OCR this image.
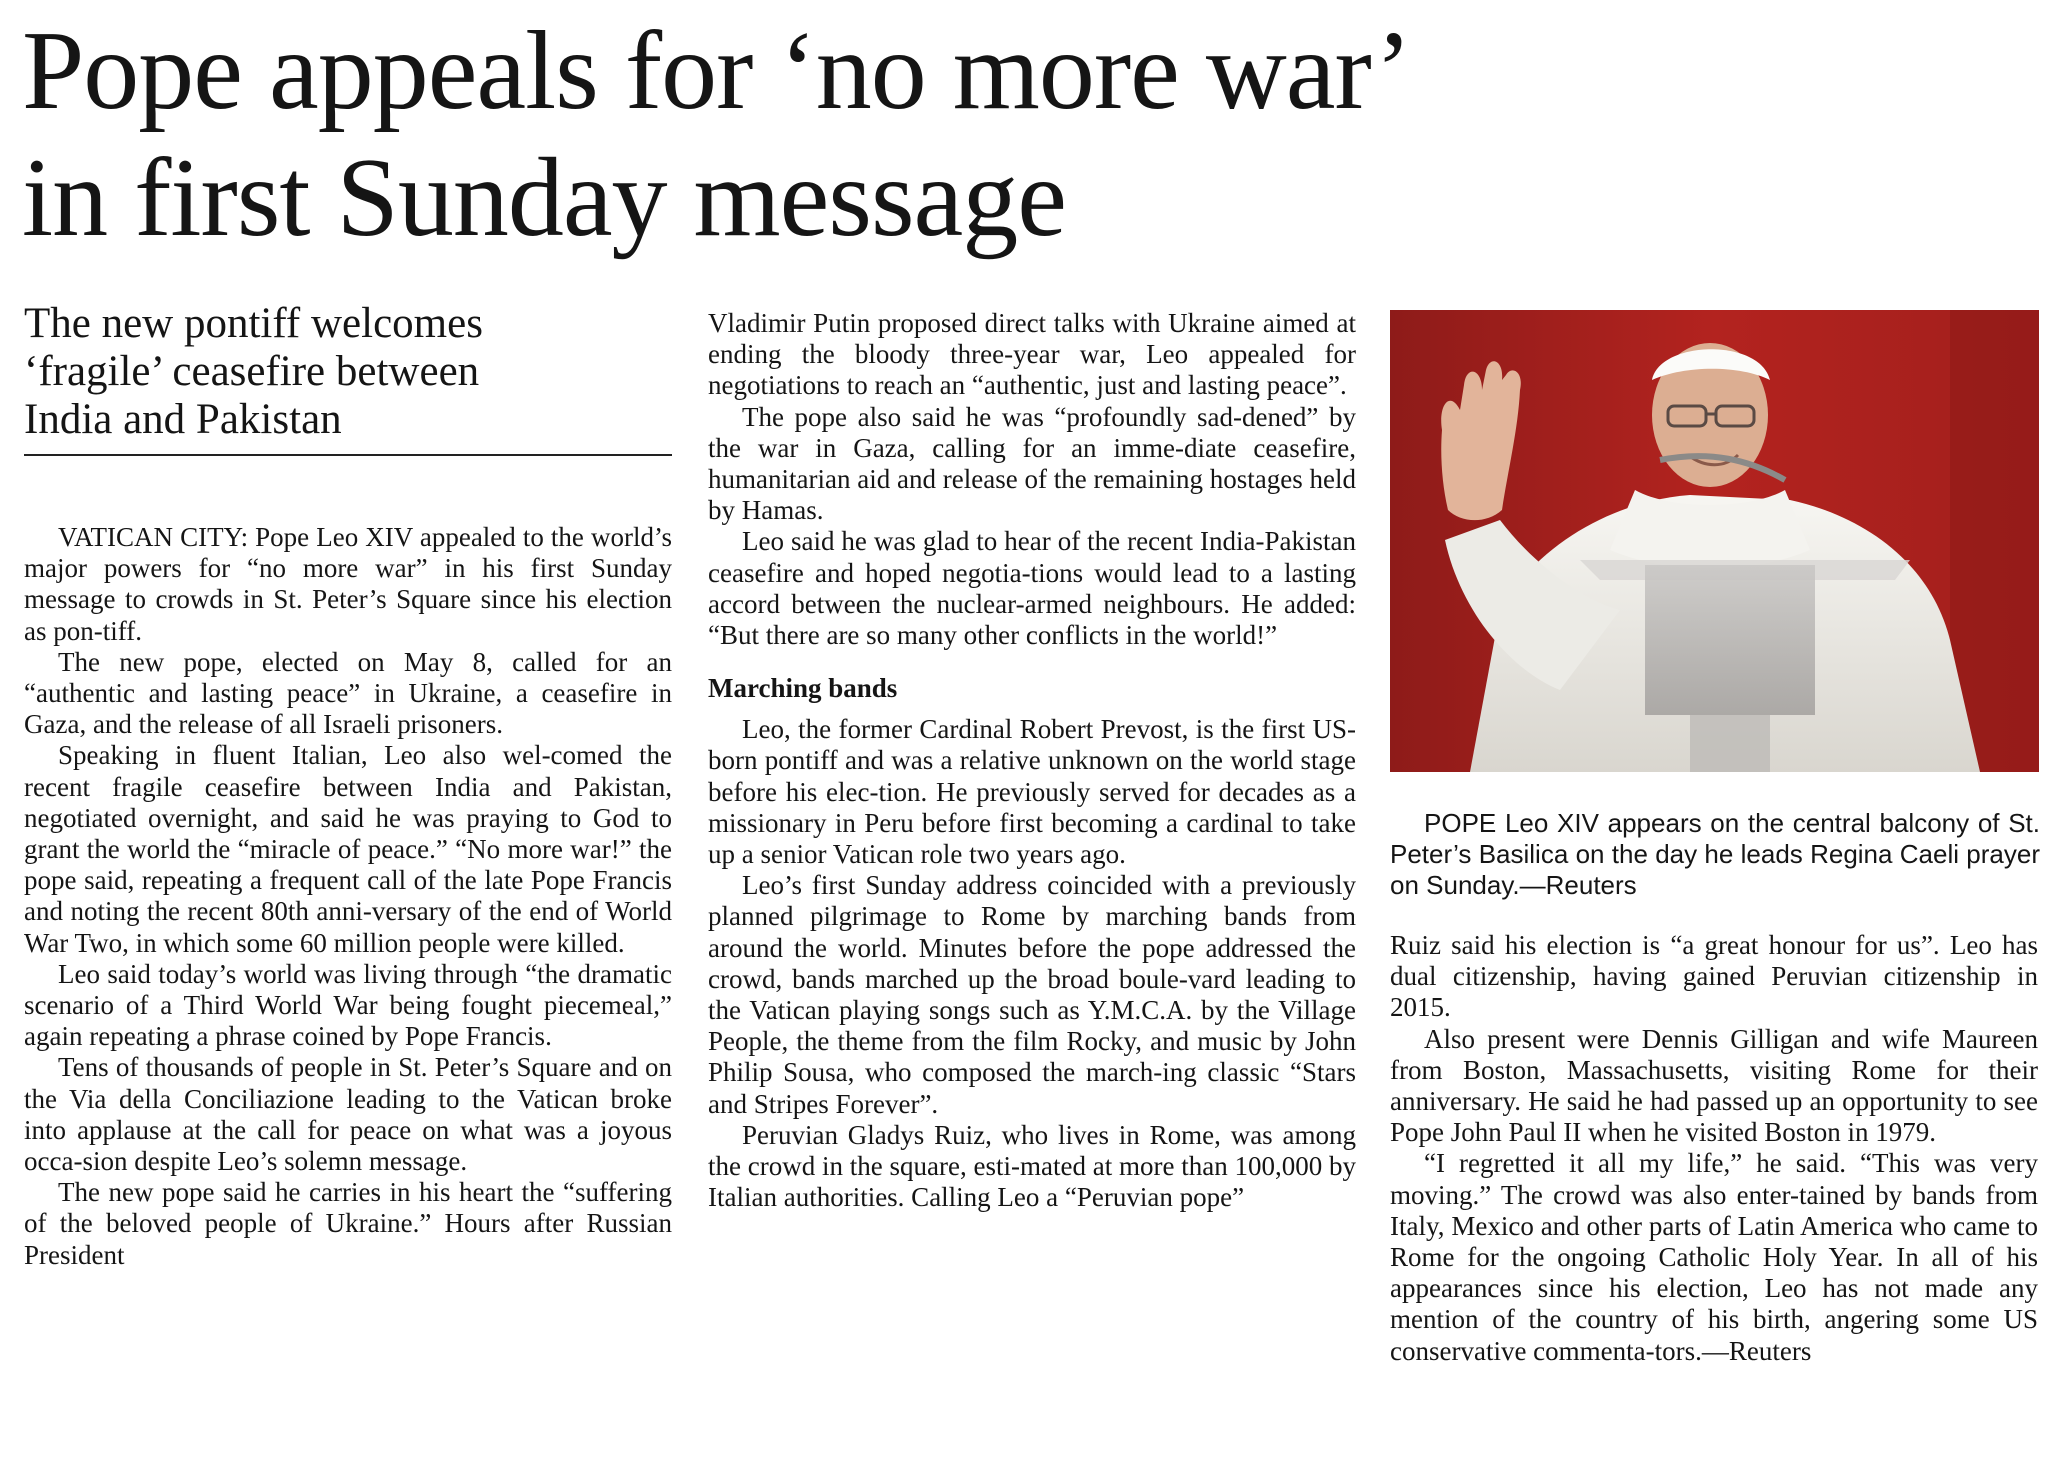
Pope appeals for ‘no more war’
in first Sunday message
The new pontiff welcomes
‘fragile’ ceasefire between
India and Pakistan

VATICAN CITY: Pope Leo XIV appealed to the world’s major powers for “no more war” in his first Sunday message to crowds in St. Peter’s Square since his election as pon-tiff.

The new pope, elected on May 8, called for an “authentic and lasting peace” in Ukraine, a ceasefire in Gaza, and the release of all Israeli prisoners.

Speaking in fluent Italian, Leo also wel-comed the recent fragile ceasefire between India and Pakistan, negotiated overnight, and said he was praying to God to grant the world the “miracle of peace.” “No more war!” the pope said, repeating a frequent call of the late Pope Francis and noting the recent 80th anni-versary of the end of World War Two, in which some 60 million people were killed.

Leo said today’s world was living through “the dramatic scenario of a Third World War being fought piecemeal,” again repeating a phrase coined by Pope Francis.

Tens of thousands of people in St. Peter’s Square and on the Via della Conciliazione leading to the Vatican broke into applause at the call for peace on what was a joyous occa-sion despite Leo’s solemn message.

The new pope said he carries in his heart the “suffering of the beloved people of Ukraine.” Hours after Russian President

Vladimir Putin proposed direct talks with Ukraine aimed at ending the bloody three-year war, Leo appealed for negotiations to reach an “authentic, just and lasting peace”.

The pope also said he was “profoundly sad-dened” by the war in Gaza, calling for an imme-diate ceasefire, humanitarian aid and release of the remaining hostages held by Hamas.

Leo said he was glad to hear of the recent India-Pakistan ceasefire and hoped negotia-tions would lead to a lasting accord between the nuclear-armed neighbours. He added: “But there are so many other conflicts in the world!”

Marching bands

Leo, the former Cardinal Robert Prevost, is the first US-born pontiff and was a relative unknown on the world stage before his elec-tion. He previously served for decades as a missionary in Peru before first becoming a cardinal to take up a senior Vatican role two years ago.

Leo’s first Sunday address coincided with a previously planned pilgrimage to Rome by marching bands from around the world. Minutes before the pope addressed the crowd, bands marched up the broad boule-vard leading to the Vatican playing songs such as Y.M.C.A. by the Village People, the theme from the film Rocky, and music by John Philip Sousa, who composed the march-ing classic “Stars and Stripes Forever”.

Peruvian Gladys Ruiz, who lives in Rome, was among the crowd in the square, esti-mated at more than 100,000 by Italian authorities. Calling Leo a “Peruvian pope”

POPE Leo XIV appears on the central balcony of St. Peter’s Basilica on the day he leads Regina Caeli prayer on Sunday.—Reuters

Ruiz said his election is “a great honour for us”. Leo has dual citizenship, having gained Peruvian citizenship in 2015.

Also present were Dennis Gilligan and wife Maureen from Boston, Massachusetts, visiting Rome for their anniversary. He said he had passed up an opportunity to see Pope John Paul II when he visited Boston in 1979.

“I regretted it all my life,” he said. “This was very moving.” The crowd was also enter-tained by bands from Italy, Mexico and other parts of Latin America who came to Rome for the ongoing Catholic Holy Year. In all of his appearances since his election, Leo has not made any mention of the country of his birth, angering some US conservative commenta-tors.—Reuters
